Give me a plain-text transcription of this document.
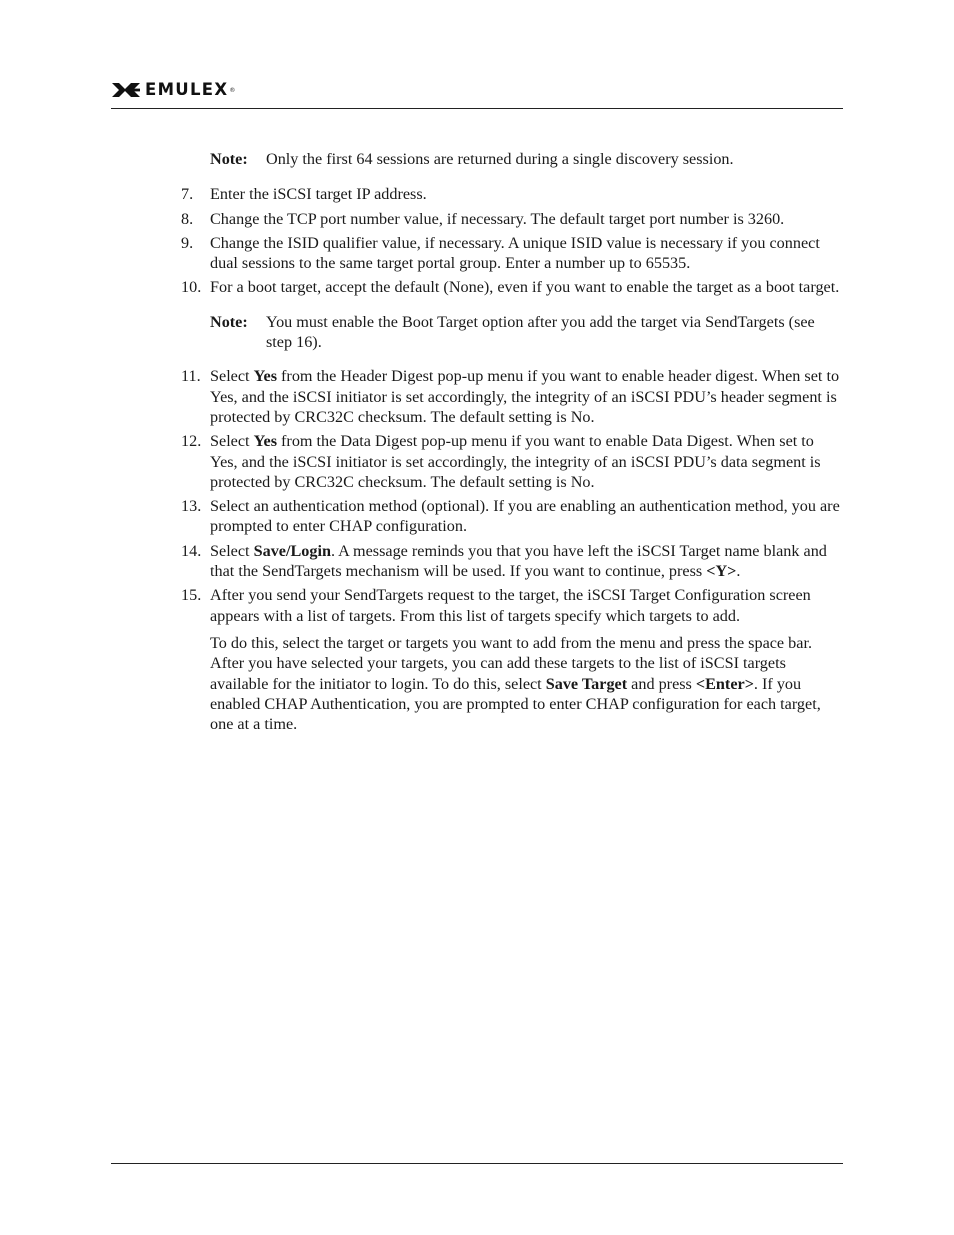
EMULEX ®
Note:	Only the first 64 sessions are returned during a single discovery session.
7.	Enter the iSCSI target IP address.
8.	Change the TCP port number value, if necessary. The default target port number is 3260.
9.	Change the ISID qualifier value, if necessary. A unique ISID value is necessary if you connect dual sessions to the same target portal group. Enter a number up to 65535.
10. For a boot target, accept the default (None), even if you want to enable the target as a boot target.
Note:	You must enable the Boot Target option after you add the target via SendTargets (see step 16).
11. Select Yes from the Header Digest pop-up menu if you want to enable header digest. When set to Yes, and the iSCSI initiator is set accordingly, the integrity of an iSCSI PDU’s header segment is protected by CRC32C checksum. The default setting is No.
12. Select Yes from the Data Digest pop-up menu if you want to enable Data Digest. When set to Yes, and the iSCSI initiator is set accordingly, the integrity of an iSCSI PDU’s data segment is protected by CRC32C checksum. The default setting is No.
13. Select an authentication method (optional). If you are enabling an authentication method, you are prompted to enter CHAP configuration.
14. Select Save/Login. A message reminds you that you have left the iSCSI Target name blank and that the SendTargets mechanism will be used. If you want to continue, press <Y>.
15. After you send your SendTargets request to the target, the iSCSI Target Configuration screen appears with a list of targets. From this list of targets specify which targets to add.
To do this, select the target or targets you want to add from the menu and press the space bar. After you have selected your targets, you can add these targets to the list of iSCSI targets available for the initiator to login. To do this, select Save Target and press <Enter>. If you enabled CHAP Authentication, you are prompted to enter CHAP configuration for each target, one at a time.
